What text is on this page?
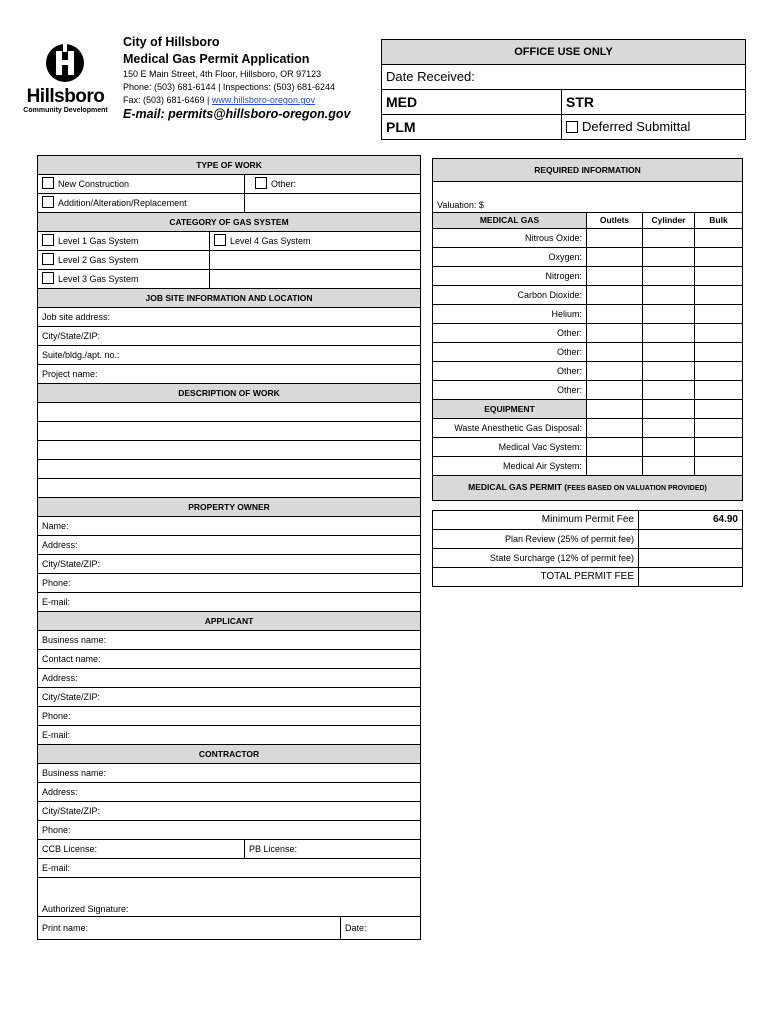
Hillsboro
Community Development
City of Hillsboro
Medical Gas Permit Application
150 E Main Street, 4th Floor, Hillsboro, OR 97123
Phone: (503) 681-6144 | Inspections: (503) 681-6244
Fax: (503) 681-6469 | www.hillsboro-oregon.gov
E-mail: permits@hillsboro-oregon.gov
OFFICE USE ONLY	
Date Received:	
MED	STR
PLM	Deferred Submittal
TYPE OF WORK			
New Construction		Other:	
Addition/Alteration/Replacement			
CATEGORY OF GAS SYSTEM			
Level 1 Gas System	Level 4 Gas System		
Level 2 Gas System			
Level 3 Gas System			
JOB SITE INFORMATION AND LOCATION			
Job site address:			
City/State/ZIP:			
Suite/bldg./apt. no.:			
Project name:			
DESCRIPTION OF WORK			

PROPERTY OWNER			
Name:			
Address:			
City/State/ZIP:			
Phone:			
E-mail:			
APPLICANT			
Business name:			
Contact name:			
Address:			
City/State/ZIP:			
Phone:			
E-mail:			
CONTRACTOR			
Business name:			
Address:			
City/State/ZIP:			
Phone:			
CCB License:		PB License:	
E-mail:			
Authorized Signature:			
Print name:			Date:
REQUIRED INFORMATION			
Valuation: $			
MEDICAL GAS	Outlets	Cylinder	Bulk
Nitrous Oxide:			
Oxygen:			
Nitrogen:			
Carbon Dioxide:			
Helium:			
Other:			
Other:			
Other:			
Other:			
EQUIPMENT			
Waste Anesthetic Gas Disposal:			
Medical Vac System:			
Medical Air System:			
MEDICAL GAS PERMIT (FEES BASED ON VALUATION PROVIDED)			
Minimum Permit Fee	64.90
Plan Review (25% of permit fee)	
State Surcharge (12% of permit fee)	
TOTAL PERMIT FEE	
